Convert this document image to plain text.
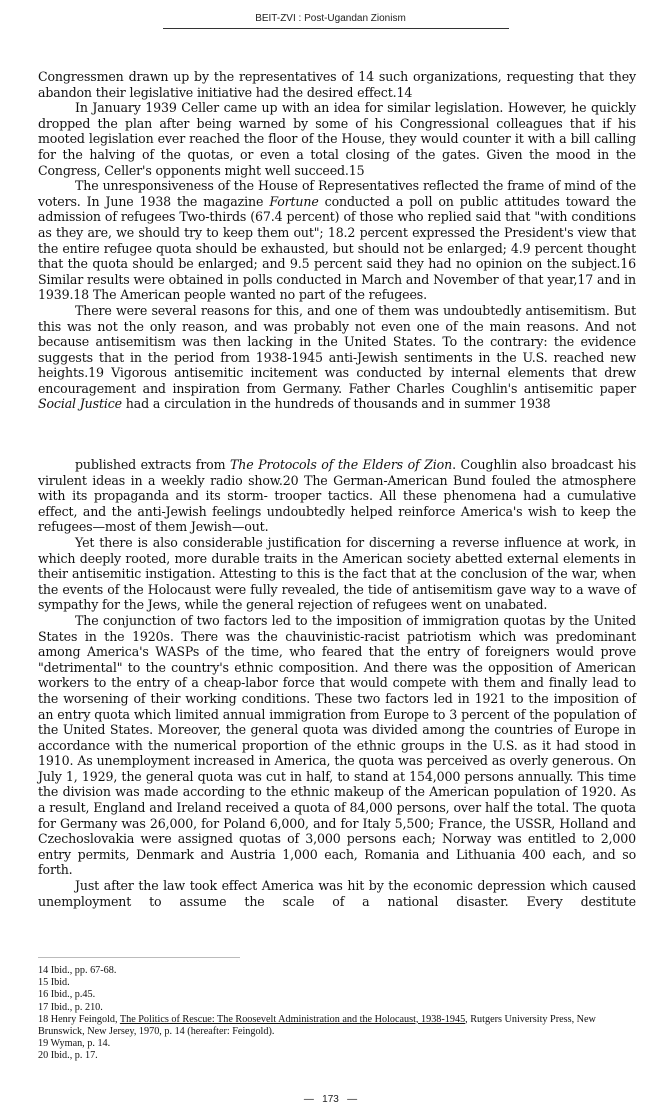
BEIT-ZVI : Post-Ugandan Zionism

Congressmen drawn up by the representatives of 14 such organizations, requesting that they abandon their legislative initiative had the desired effect.14

In January 1939 Celler came up with an idea for similar legislation. However, he quickly dropped the plan after being warned by some of his Congressional colleagues that if his mooted legislation ever reached the floor of the House, they would counter it with a bill calling for the halving of the quotas, or even a total closing of the gates. Given the mood in the Congress, Celler's opponents might well succeed.15

The unresponsiveness of the House of Representatives reflected the frame of mind of the voters. In June 1938 the magazine Fortune conducted a poll on public attitudes toward the admission of refugees Two-thirds (67.4 percent) of those who replied said that "with conditions as they are, we should try to keep them out"; 18.2 percent expressed the President's view that the entire refugee quota should be exhausted, but should not be enlarged; 4.9 percent thought that the quota should be enlarged; and 9.5 percent said they had no opinion on the subject.16 Similar results were obtained in polls conducted in March and November of that year,17 and in 1939.18 The American people wanted no part of the refugees.

There were several reasons for this, and one of them was undoubtedly antisemitism. But this was not the only reason, and was probably not even one of the main reasons. And not because antisemitism was then lacking in the United States. To the contrary: the evidence suggests that in the period from 1938-1945 anti-Jewish sentiments in the U.S. reached new heights.19 Vigorous antisemitic incitement was conducted by internal elements that drew encouragement and inspiration from Germany. Father Charles Coughlin's antisemitic paper Social Justice had a circulation in the hundreds of thousands and in summer 1938

published extracts from The Protocols of the Elders of Zion. Coughlin also broadcast his virulent ideas in a weekly radio show.20 The German-American Bund fouled the atmosphere with its propaganda and its storm- trooper tactics. All these phenomena had a cumulative effect, and the anti-Jewish feelings undoubtedly helped reinforce America's wish to keep the refugees—most of them Jewish—out.

Yet there is also considerable justification for discerning a reverse influence at work, in which deeply rooted, more durable traits in the American society abetted external elements in their antisemitic instigation. Attesting to this is the fact that at the conclusion of the war, when the events of the Holocaust were fully revealed, the tide of antisemitism gave way to a wave of sympathy for the Jews, while the general rejection of refugees went on unabated.

The conjunction of two factors led to the imposition of immigration quotas by the United States in the 1920s. There was the chauvinistic-racist patriotism which was predominant among America's WASPs of the time, who feared that the entry of foreigners would prove "detrimental" to the country's ethnic composition. And there was the opposition of American workers to the entry of a cheap-labor force that would compete with them and finally lead to the worsening of their working conditions. These two factors led in 1921 to the imposition of an entry quota which limited annual immigration from Europe to 3 percent of the population of the United States. Moreover, the general quota was divided among the countries of Europe in accordance with the numerical proportion of the ethnic groups in the U.S. as it had stood in 1910. As unemployment increased in America, the quota was perceived as overly generous. On July 1, 1929, the general quota was cut in half, to stand at 154,000 persons annually. This time the division was made according to the ethnic makeup of the American population of 1920. As a result, England and Ireland received a quota of 84,000 persons, over half the total. The quota for Germany was 26,000, for Poland 6,000, and for Italy 5,500; France, the USSR, Holland and Czechoslovakia were assigned quotas of 3,000 persons each; Norway was entitled to 2,000 entry permits, Denmark and Austria 1,000 each, Romania and Lithuania 400 each, and so forth.

Just after the law took effect America was hit by the economic depression which caused unemployment to assume the scale of a national disaster. Every destitute

14 Ibid., pp. 67-68.
15 Ibid.
16 Ibid., p.45.
17 Ibid., p. 210.
18 Henry Feingold, The Politics of Rescue: The Roosevelt Administration and the Holocaust, 1938-1945, Rutgers University Press, New Brunswick, New Jersey, 1970, p. 14 (hereafter: Feingold).
19 Wyman, p. 14.
20 Ibid., p. 17.
—   173   —
